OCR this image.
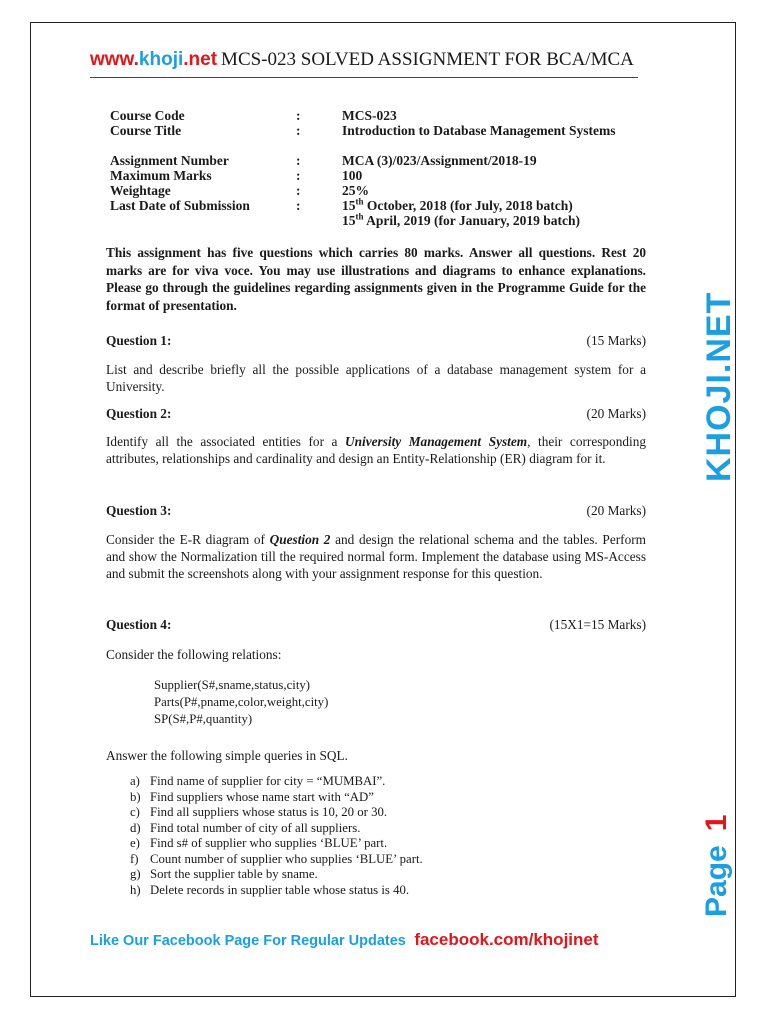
www.khoji.net MCS-023 SOLVED ASSIGNMENT FOR BCA/MCA
Course Code	:	MCS-023
Course Title	:	Introduction to Database Management Systems
Assignment Number	:	MCA (3)/023/Assignment/2018-19
Maximum Marks	:	100
Weightage	:	25%
Last Date of Submission	:	15th October, 2018 (for July, 2018 batch)
15th April, 2019 (for January, 2019 batch)
This assignment has five questions which carries 80 marks. Answer all questions. Rest 20 marks are for viva voce. You may use illustrations and diagrams to enhance explanations. Please go through the guidelines regarding assignments given in the Programme Guide for the format of presentation.
Question 1:	(15 Marks)
List and describe briefly all the possible applications of a database management system for a University.
Question 2:	(20 Marks)
Identify all the associated entities for a University Management System, their corresponding attributes, relationships and cardinality and design an Entity-Relationship (ER) diagram for it.
Question 3:	(20 Marks)
Consider the E-R diagram of Question 2 and design the relational schema and the tables. Perform and show the Normalization till the required normal form. Implement the database using MS-Access and submit the screenshots along with your assignment response for this question.
Question 4:	(15X1=15 Marks)
Consider the following relations:
Supplier(S#,sname,status,city)
Parts(P#,pname,color,weight,city)
SP(S#,P#,quantity)
Answer the following simple queries in SQL.
a) Find name of supplier for city = “MUMBAI”.
b) Find suppliers whose name start with “AD”
c) Find all suppliers whose status is 10, 20 or 30.
d) Find total number of city of all suppliers.
e) Find s# of supplier who supplies ‘BLUE’ part.
f) Count number of supplier who supplies ‘BLUE’ part.
g) Sort the supplier table by sname.
h) Delete records in supplier table whose status is 40.
Like Our Facebook Page For Regular Updates facebook.com/khojinet
KHOJI.NET
Page1
